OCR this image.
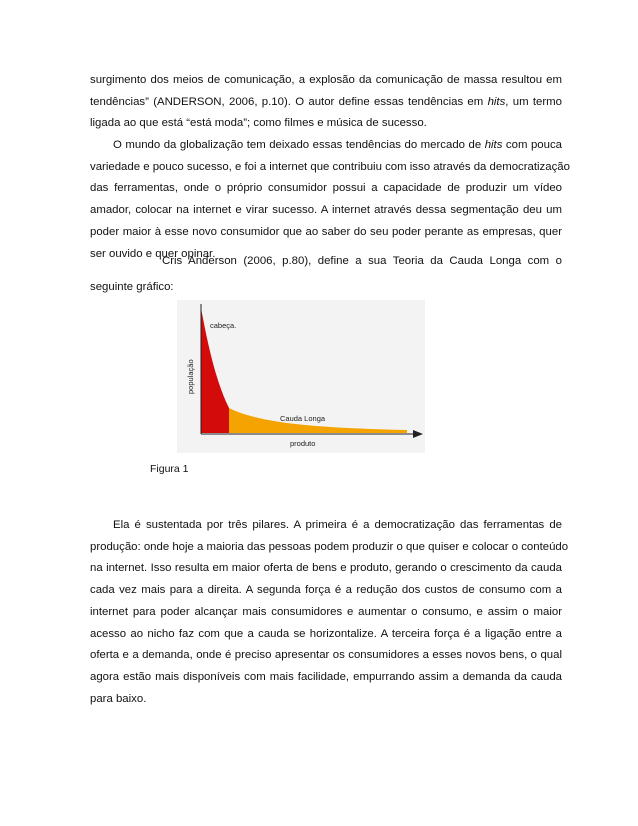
surgimento dos meios de comunicação, a explosão da comunicação de massa resultou em
tendências” (ANDERSON, 2006, p.10). O autor define essas tendências em hits, um termo
ligada ao que está “está moda”; como filmes e música de sucesso.
O mundo da globalização tem deixado essas tendências do mercado de hits com pouca
variedade e pouco sucesso, e foi a internet que contribuiu com isso através da democratização
das ferramentas, onde o próprio consumidor possui a capacidade de produzir um vídeo
amador, colocar na internet e virar sucesso. A internet através dessa segmentação deu um
poder maior à esse novo consumidor que ao saber do seu poder perante as empresas, quer
ser ouvido e quer opinar.
Cris Anderson (2006, p.80), define a sua Teoria da Cauda Longa com o
seguinte gráfico:
cabeça.
Cauda Longa
produto
população
Figura 1
Ela é sustentada por três pilares. A primeira é a democratização das ferramentas de
produção: onde hoje a maioria das pessoas podem produzir o que quiser e colocar o conteúdo
na internet. Isso resulta em maior oferta de bens e produto, gerando o crescimento da cauda
cada vez mais para a direita. A segunda força é a redução dos custos de consumo com a
internet para poder alcançar mais consumidores e aumentar o consumo, e assim o maior
acesso ao nicho faz com que a cauda se horizontalize. A terceira força é a ligação entre a
oferta e a demanda, onde é preciso apresentar os consumidores a esses novos bens, o qual
agora estão mais disponíveis com mais facilidade, empurrando assim a demanda da cauda
para baixo.
